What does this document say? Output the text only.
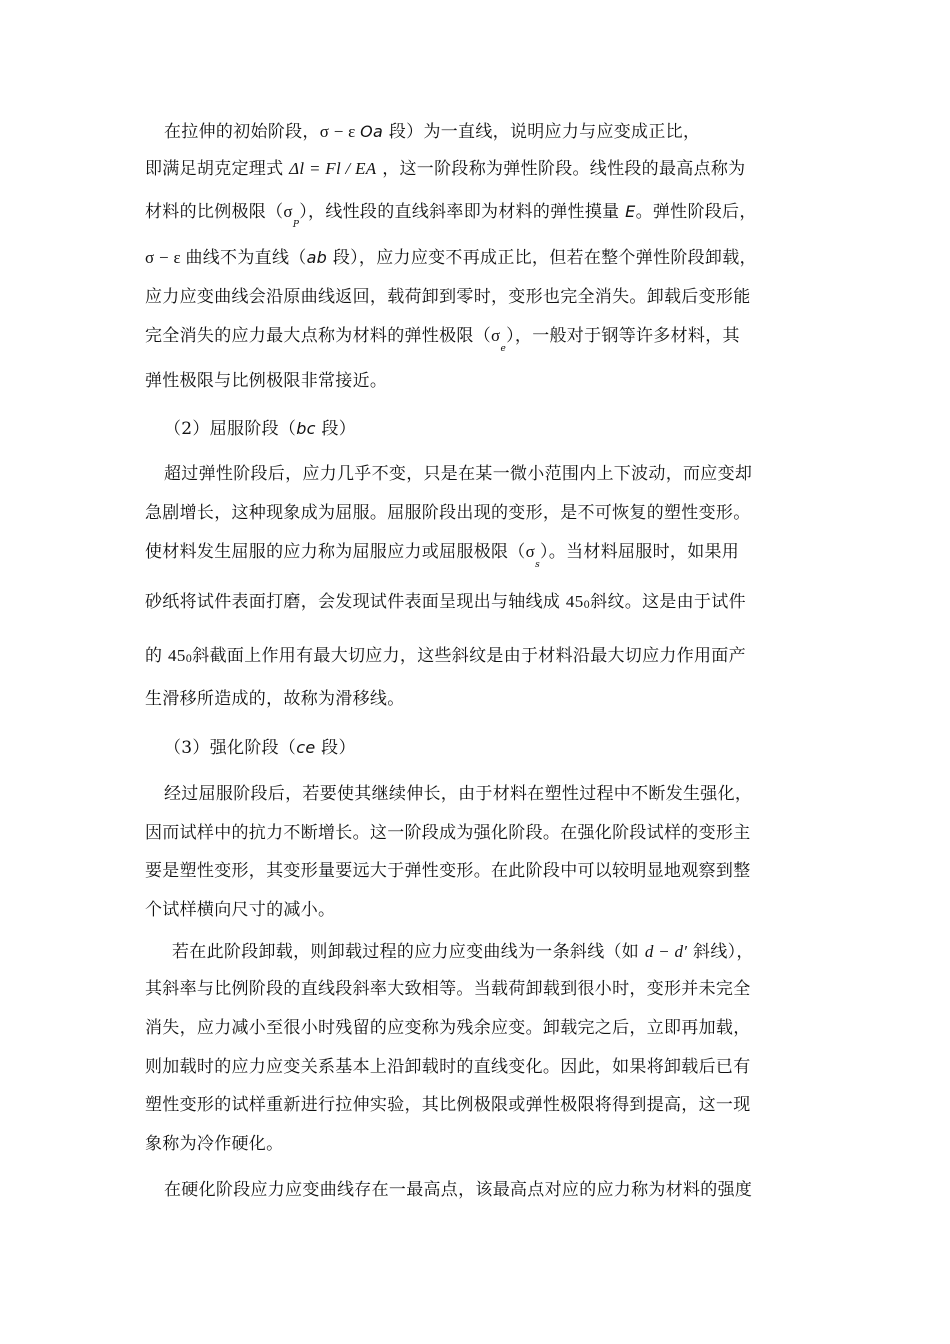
在拉伸的初始阶段，σ − ε Oa 段）为一直线，说明应力与应变成正比，
即满足胡克定理式 Δl = Fl / EA ，这一阶段称为弹性阶段。线性段的最高点称为
材料的比例极限$(\sigma_P)$，线性段的直线斜率即为材料的弹性摸量 E。弹性阶段后，
σ − ε 曲线不为直线（ab 段），应力应变不再成正比，但若在整个弹性阶段卸载，
应力应变曲线会沿原曲线返回，载荷卸到零时，变形也完全消失。卸载后变形能
完全消失的应力最大点称为材料的弹性极限$(\sigma_e)$，一般对于钢等许多材料，其
弹性极限与比例极限非常接近。
（2）屈服阶段（bc 段）
超过弹性阶段后，应力几乎不变，只是在某一微小范围内上下波动，而应变却
急剧增长，这种现象成为屈服。屈服阶段出现的变形，是不可恢复的塑性变形。
使材料发生屈服的应力称为屈服应力或屈服极限$(\sigma_s)$。当材料屈服时，如果用
砂纸将试件表面打磨，会发现试件表面呈现出与轴线成 450斜纹。这是由于试件
的 450斜截面上作用有最大切应力，这些斜纹是由于材料沿最大切应力作用面产
生滑移所造成的，故称为滑移线。
（3）强化阶段（ce 段）
经过屈服阶段后，若要使其继续伸长，由于材料在塑性过程中不断发生强化，
因而试样中的抗力不断增长。这一阶段成为强化阶段。在强化阶段试样的变形主
要是塑性变形，其变形量要远大于弹性变形。在此阶段中可以较明显地观察到整
个试样横向尺寸的减小。
若在此阶段卸载，则卸载过程的应力应变曲线为一条斜线（如 d − d′ 斜线），
其斜率与比例阶段的直线段斜率大致相等。当载荷卸载到很小时，变形并未完全
消失，应力减小至很小时残留的应变称为残余应变。卸载完之后，立即再加载，
则加载时的应力应变关系基本上沿卸载时的直线变化。因此，如果将卸载后已有
塑性变形的试样重新进行拉伸实验，其比例极限或弹性极限将得到提高，这一现
象称为冷作硬化。
在硬化阶段应力应变曲线存在一最高点，该最高点对应的应力称为材料的强度
